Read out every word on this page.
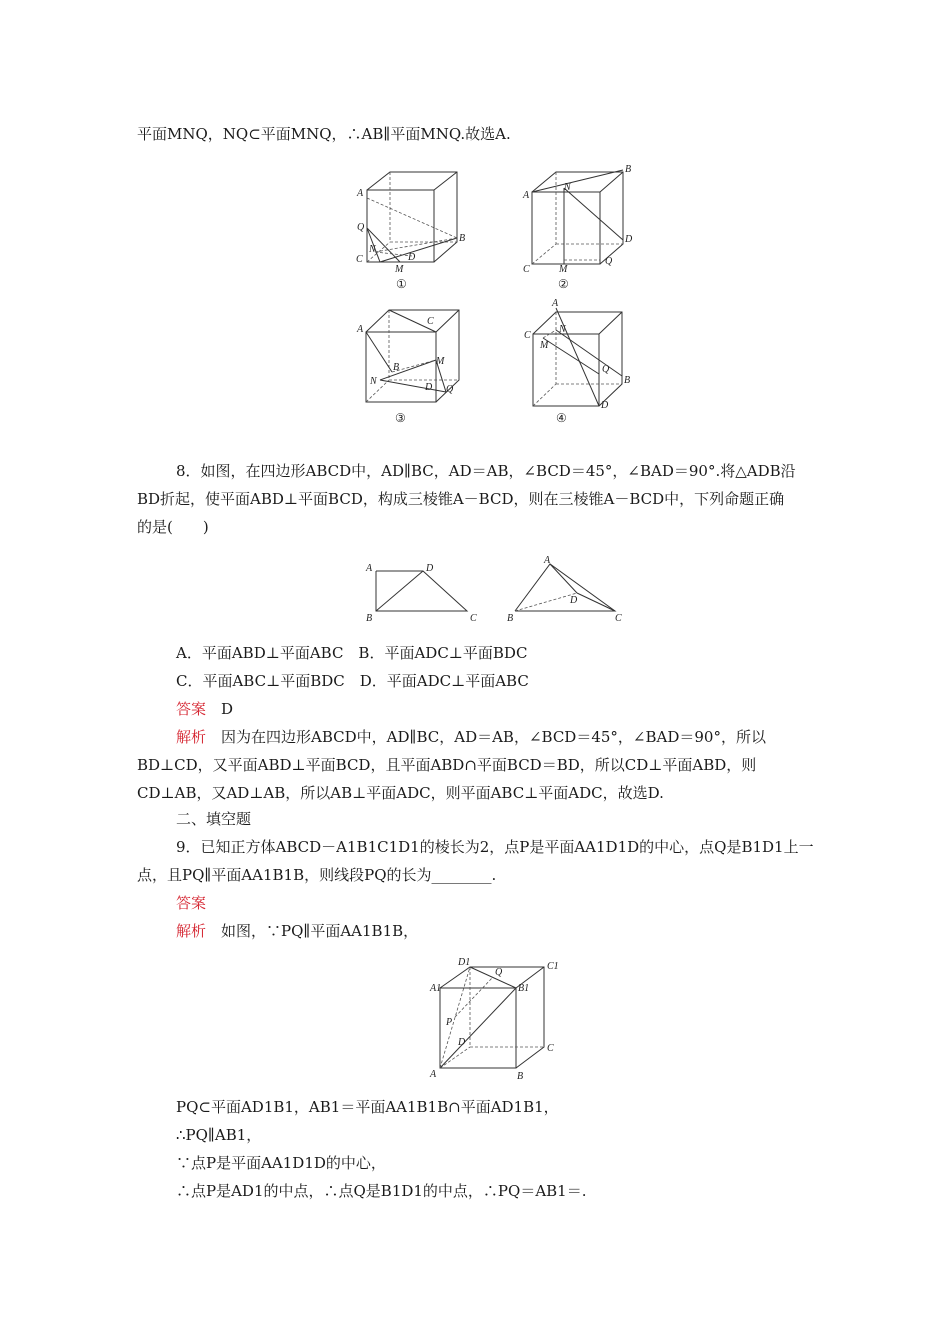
平面MNQ，NQ⊂平面MNQ，∴AB∥平面MNQ.故选A.
A
Q
C
N
D
M
B
①
A
N
B
D
Q
C	M
②
A
C
B
N
M
D Q
③
A
C
N
M
Q
B
D
④
8．如图，在四边形ABCD中，AD∥BC，AD＝AB，∠BCD＝45°，∠BAD＝90°.将△ADB沿
BD折起，使平面ABD⊥平面BCD，构成三棱锥A－BCD，则在三棱锥A－BCD中，下列命题正确
的是(　　)
A	D
B	C
A
D
B	C
A．平面ABD⊥平面ABC　B．平面ADC⊥平面BDC
C．平面ABC⊥平面BDC　D．平面ADC⊥平面ABC
答案　 D
解析　 因为在四边形ABCD中，AD∥BC，AD＝AB，∠BCD＝45°，∠BAD＝90°，所以
BD⊥CD，又平面ABD⊥平面BCD，且平面ABD∩平面BCD＝BD，所以CD⊥平面ABD，则
CD⊥AB，又AD⊥AB，所以AB⊥平面ADC，则平面ABC⊥平面ADC，故选D.
二、填空题
9．已知正方体ABCD－A1B1C1D1的棱长为2，点P是平面AA1D1D的中心，点Q是B1D1上一
点，且PQ∥平面AA1B1B，则线段PQ的长为________.
答案
解析　 如图，∵PQ∥平面AA1B1B，
D1
Q
C1
A1	B1
P
D
C
A	B
PQ⊂平面AD1B1，AB1＝平面AA1B1B∩平面AD1B1，
∴PQ∥AB1，
∵点P是平面AA1D1D的中心，
∴点P是AD1的中点，∴点Q是B1D1的中点，∴PQ＝AB1＝.
